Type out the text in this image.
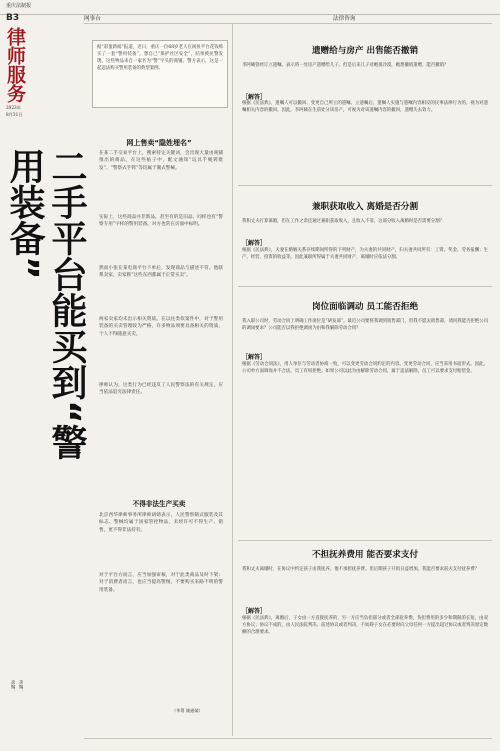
重庆法制报
B3
律师服务
2023年
8月31日
网事台	法律咨询
据“彩蛋新闻”报道，近日，重庆一位68岁老人在闲鱼平台花钱购买了一套“警用装备”，想自己“保护社区安全”。结果被民警发现，这些物品来自一家名为“警”字头的商铺。警方表示，这是一起违法购买警用装备的典型案例。
网上售卖“隐姓埋名”
二手平台能买到“警用装备”	在某二手交易平台上，搜索特定关键词，会出现大量由商铺推出的商品。在这些帖子中，配文通知“玩具手绳铐批发”、“警察式手铐”等均属于制式警械。
实际上，这些商品并非新品，甚至有的是旧品。同样也有“警察专用”字样的警用装备。对方也常在页面中标明。
然而小张在某电商平台下单后，发现商品与描述不符。他联系卖家，卖家称“这些东西都属于正常买卖”。
两家卖家均未出示相关资质。在以往类似案件中，对于警用装备的买卖管理较为严格，许多物品须要具备相关的资质，个人不得随意买卖。
律师认为，这类行为已经违反了人民警察法的有关规定，应当依法追究法律责任。
不得非法生产买卖
北京西华律师事务所律师胡婧表示，人民警察制式服装及其标志、警械均属于国家管控物品，未经许可不得生产、销售，更不得非法持有。
对于平台方而言，应当加强审核，对于此类商品及时下架；对于消费者而言，也应当提高警惕，不要购买来路不明的警用装备。
（华菁 姚通婧）
责编： 美编：
遗赠给与房产 出售能否撤销
李阿姨曾经订立遗嘱，表示将一处房产遗赠给儿子。但是后来儿子对她很冷漠，她想撤销遗赠，能否撤销？
［解答］
根据《民法典》，遗嘱人可以撤回、变更自己所立的遗嘱。立遗嘱后，遗嘱人实施与遗嘱内容相反的民事法律行为的，视为对遗嘱相关内容的撤回。因此，李阿姨在生前处分该房产，可视为对该遗嘱内容的撤回，遗赠失去效力。
兼职获取收入 离婚是否分割
我和丈夫打算离婚，但在工作之余还通过兼职获取收入，且收入不菲，这部分收入离婚时是否需要分割？
［解答］
根据《民法典》，夫妻在婚姻关系存续期间所得的下列财产，为夫妻的共同财产，归夫妻共同所有：工资、奖金、劳务报酬；生产、经营、投资的收益等。因此兼职所得属于夫妻共同财产，离婚时应依法分割。
岗位面临调动 员工能否拒绝
我入职公司时，劳动合同上明确工作岗位是“研发部”。最近公司要将我调到销售部门，但我不愿去销售部，请问我能否拒绝公司的调岗要求？公司能否以我拒绝调岗为由和我解除劳动合同？
［解答］
根据《劳动合同法》，用人单位与劳动者协商一致，可以变更劳动合同约定的内容。变更劳动合同，应当采用书面形式。因此，公司单方面调岗并不合法，员工有权拒绝。如果公司以此为由解除劳动合同，属于违法解除，员工可以要求支付赔偿金。
不担抚养费用 能否要求支付
我和丈夫离婚时，在协议中约定孩子由我抚养，他不承担抚养费。但后期孩子开销日益增加，我能否要求前夫支付抚养费？
［解答］
根据《民法典》，离婚后，子女由一方直接抚养的，另一方应当负担部分或者全部抚养费。负担费用的多少和期限的长短，由双方协议；协议不成的，由人民法院判决。前述协议或者判决，不妨碍子女在必要时向父母任何一方提出超过协议或者判决原定数额的合理要求。
